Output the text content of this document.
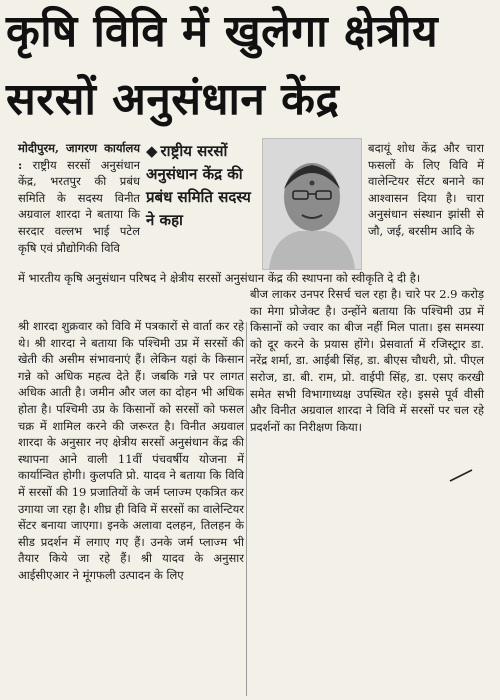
कृषि विवि में खुलेगा क्षेत्रीय
सरसों अनुसंधान केंद्र

मोदीपुरम, जागरण कार्यालय : राष्ट्रीय सरसों अनुसंधान केंद्र, भरतपुर की प्रबंध समिति के सदस्य विनीत अग्रवाल शारदा ने बताया कि सरदार वल्लभ भाई पटेल कृषि एवं प्रौद्योगिकी विवि

◆ राष्ट्रीय सरसों अनुसंधान केंद्र की प्रबंध समिति सदस्य ने कहा

बदायूं शोध केंद्र और चारा फसलों के लिए विवि में वालेन्टियर सेंटर बनाने का आश्वासन दिया है। चारा अनुसंधान संस्थान झांसी से जौ, जई, बरसीम आदि के

में भारतीय कृषि अनुसंधान परिषद ने क्षेत्रीय सरसों अनुसंधान केंद्र की स्थापना को स्वीकृति दे दी है।

श्री शारदा शुक्रवार को विवि में पत्रकारों से वार्ता कर रहे थे। श्री शारदा ने बताया कि पश्चिमी उप्र में सरसों की खेती की असीम संभावनाएं हैं। लेकिन यहां के किसान गन्ने को अधिक महत्व देते हैं। जबकि गन्ने पर लागत अधिक आती है। जमीन और जल का दोहन भी अधिक होता है। पश्चिमी उप्र के किसानों को सरसों को फसल चक्र में शामिल करने की जरूरत है। विनीत अग्रवाल शारदा के अनुसार नए क्षेत्रीय सरसों अनुसंधान केंद्र की स्थापना आने वाली 11वीं पंचवर्षीय योजना में कार्यान्वित होगी। कुलपति प्रो. यादव ने बताया कि विवि में सरसों की 19 प्रजातियों के जर्म प्लाज्म एकत्रित कर उगाया जा रहा है। शीघ्र ही विवि में सरसों का वालेन्टियर सेंटर बनाया जाएगा। इनके अलावा दलहन, तिलहन के सीड प्रदर्शन में लगाए गए हैं। उनके जर्म प्लाज्म भी तैयार किये जा रहे हैं। श्री यादव के अनुसार आईसीएआर ने मूंगफली उत्पादन के लिए

बीज लाकर उनपर रिसर्च चल रहा है। चारे पर 2.9 करोड़ का मेगा प्रोजेक्ट है। उन्होंने बताया कि पश्चिमी उप्र में किसानों को ज्वार का बीज नहीं मिल पाता। इस समस्या को दूर करने के प्रयास होंगे। प्रेसवार्ता में रजिस्ट्रार डा. नरेंद्र शर्मा, डा. आईबी सिंह, डा. बीएस चौधरी, प्रो. पीएल सरोज, डा. बी. राम, प्रो. वाईपी सिंह, डा. एसए करखी समेत सभी विभागाध्यक्ष उपस्थित रहे। इससे पूर्व वीसी और विनीत अग्रवाल शारदा ने विवि में सरसों पर चल रहे प्रदर्शनों का निरीक्षण किया।
